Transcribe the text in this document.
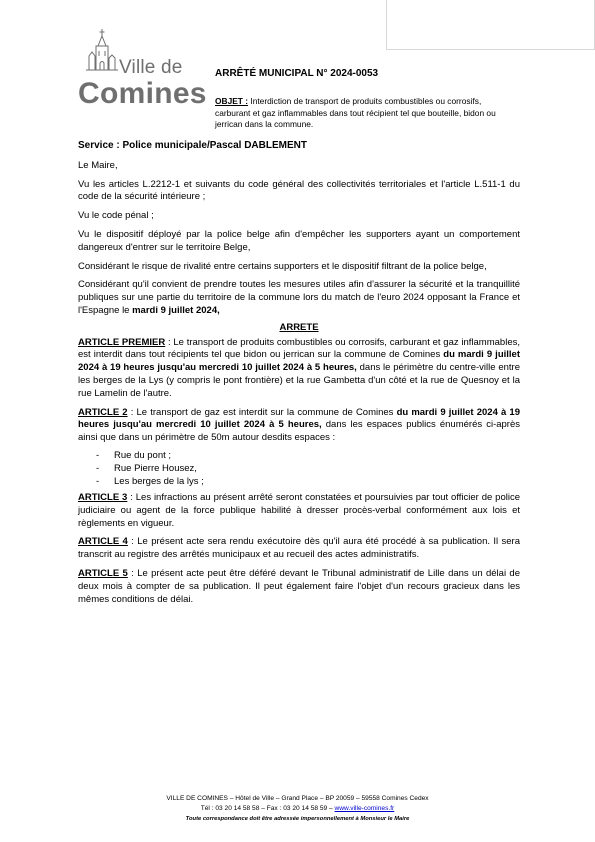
Ville de
Comines
ARRÊTÉ MUNICIPAL N° 2024-0053
OBJET : Interdiction de transport de produits combustibles ou corrosifs, carburant et gaz inflammables dans tout récipient tel que bouteille, bidon ou jerrican dans la commune.

Service : Police municipale/Pascal DABLEMENT

Le Maire,

Vu les articles L.2212-1 et suivants du code général des collectivités territoriales et l'article L.511-1 du code de la sécurité intérieure ;

Vu le code pénal ;

Vu le dispositif déployé par la police belge afin d'empêcher les supporters ayant un comportement dangereux d'entrer sur le territoire Belge,

Considérant le risque de rivalité entre certains supporters et le dispositif filtrant de la police belge,

Considérant qu'il convient de prendre toutes les mesures utiles afin d'assurer la sécurité et la tranquillité publiques sur une partie du territoire de la commune lors du match de l'euro 2024 opposant la France et l'Espagne le mardi 9 juillet 2024,

ARRETE

ARTICLE PREMIER : Le transport de produits combustibles ou corrosifs, carburant et gaz inflammables, est interdit dans tout récipients tel que bidon ou jerrican sur la commune de Comines du mardi 9 juillet 2024 à 19 heures jusqu'au mercredi 10 juillet 2024 à 5 heures, dans le périmètre du centre-ville entre les berges de la Lys (y compris le pont frontière) et la rue Gambetta d'un côté et la rue de Quesnoy et la rue Lamelin de l'autre.

ARTICLE 2 : Le transport de gaz est interdit sur la commune de Comines du mardi 9 juillet 2024 à 19 heures jusqu'au mercredi 10 juillet 2024 à 5 heures, dans les espaces publics énumérés ci-après ainsi que dans un périmètre de 50m autour desdits espaces :

- Rue du pont ;
- Rue Pierre Housez,
- Les berges de la lys ;

ARTICLE 3 : Les infractions au présent arrêté seront constatées et poursuivies par tout officier de police judiciaire ou agent de la force publique habilité à dresser procès-verbal conformément aux lois et règlements en vigueur.

ARTICLE 4 : Le présent acte sera rendu exécutoire dès qu'il aura été procédé à sa publication. Il sera transcrit au registre des arrêtés municipaux et au recueil des actes administratifs.

ARTICLE 5 : Le présent acte peut être déféré devant le Tribunal administratif de Lille dans un délai de deux mois à compter de sa publication. Il peut également faire l'objet d'un recours gracieux dans les mêmes conditions de délai.

VILLE DE COMINES – Hôtel de Ville – Grand Place – BP 20059 – 59558 Comines Cedex
Tél : 03 20 14 58 58 – Fax : 03 20 14 58 59 – www.ville-comines.fr
Toute correspondance doit être adressée impersonnellement à Monsieur le Maire
